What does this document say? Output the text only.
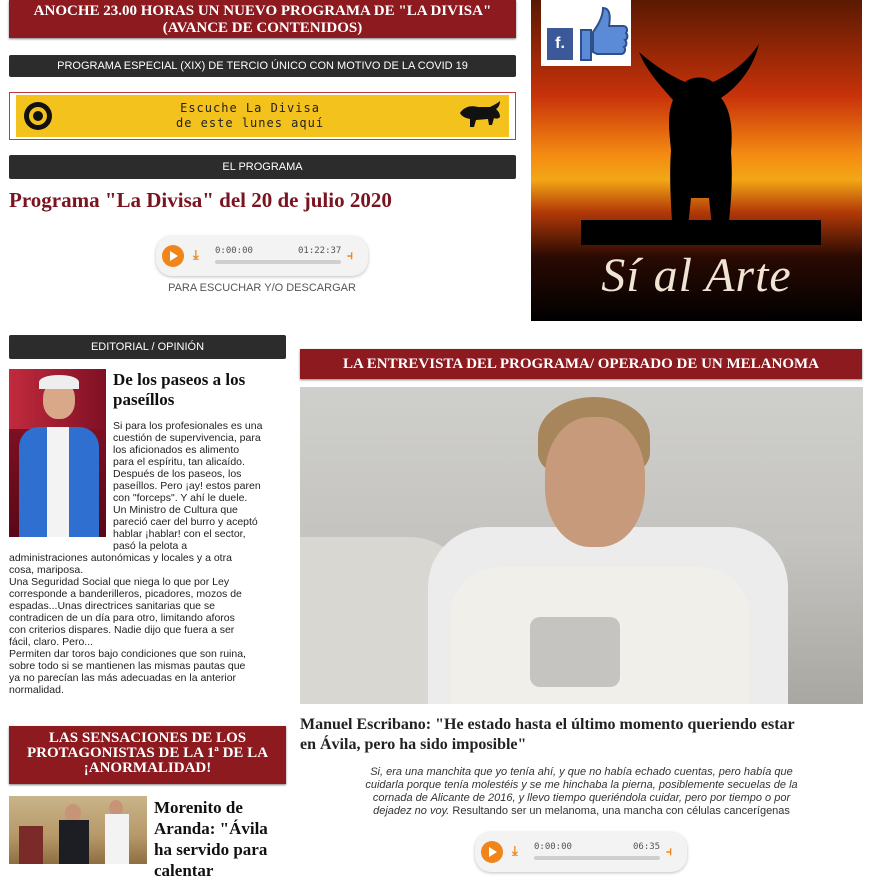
ANOCHE 23.00 HORAS UN NUEVO PROGRAMA DE "LA DIVISA"
(AVANCE DE CONTENIDOS)
PROGRAMA ESPECIAL (XIX) DE TERCIO ÚNICO CON MOTIVO DE LA COVID 19
Escuche La Divisa
de este lunes aquí
EL PROGRAMA
Programa "La Divisa" del 20 de julio 2020
⤓ 0:00:00	01:22:37 ⫞
PARA ESCUCHAR Y/O DESCARGAR
f.
Sí al Arte
EDITORIAL / OPINIÓN
De los paseos a los
paseíllos
Si para los profesionales es una
cuestión de supervivencia, para
los aficionados es alimento
para el espíritu, tan alicaído.
Después de los paseos, los
paseíllos. Pero ¡ay! estos paren
con "forceps". Y ahí le duele.
Un Ministro de Cultura que
pareció caer del burro y aceptó
hablar ¡hablar! con el sector,
pasó la pelota a
administraciones autonómicas y locales y a otra
cosa, mariposa.
Una Seguridad Social que niega lo que por Ley
corresponde a banderilleros, picadores, mozos de
espadas...Unas directrices sanitarias que se
contradicen de un día para otro, limitando aforos
con criterios dispares. Nadie dijo que fuera a ser
fácil, claro. Pero...
Permiten dar toros bajo condiciones que son ruina,
sobre todo si se mantienen las mismas pautas que
ya no parecían las más adecuadas en la anterior
normalidad.
LAS SENSACIONES DE LOS
PROTAGONISTAS DE LA 1ª DE LA
¡ANORMALIDAD!
Morenito de
Aranda: "Ávila
ha servido para
calentar
LA ENTREVISTA DEL PROGRAMA/ OPERADO DE UN MELANOMA
Manuel Escribano: "He estado hasta el último momento queriendo estar
en Ávila, pero ha sido imposible"
Si, era una manchita que yo tenía ahí, y que no había echado cuentas, pero había que
cuidarla porque tenía molestéis y se me hinchaba la pierna, posiblemente secuelas de la
cornada de Alicante de 2016, y llevo tiempo queriéndola cuidar, pero por tiempo o por
dejadez no voy. Resultando ser un melanoma, una mancha con células cancerígenas
⤓ 0:00:00	06:35 ⫞
